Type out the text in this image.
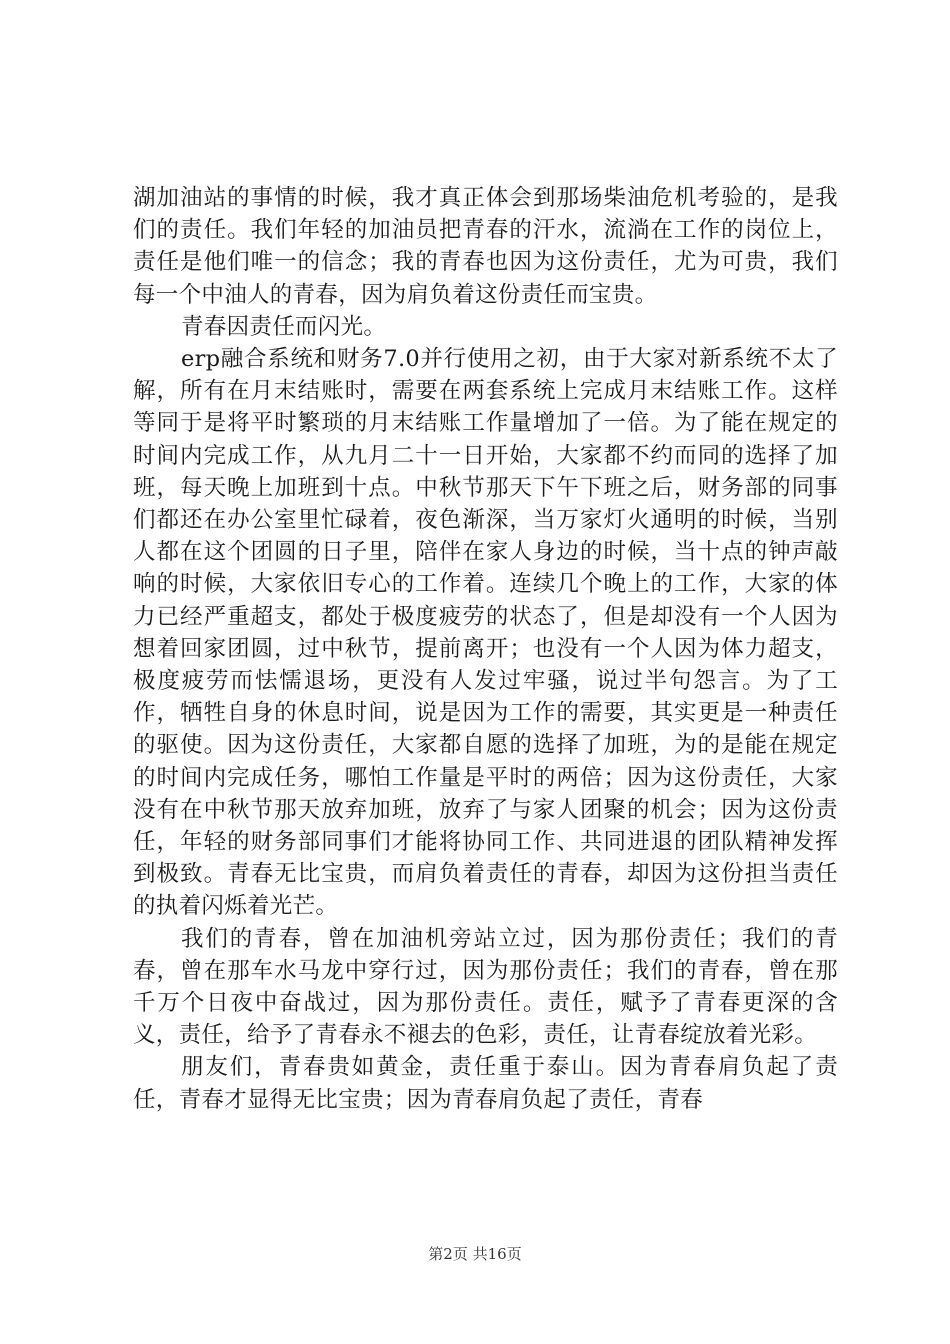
湖加油站的事情的时候，我才真正体会到那场柴油危机考验的，是我们的责任。我们年轻的加油员把青春的汗水，流淌在工作的岗位上，责任是他们唯一的信念；我的青春也因为这份责任，尤为可贵，我们每一个中油人的青春，因为肩负着这份责任而宝贵。

青春因责任而闪光。

erp融合系统和财务7.0并行使用之初，由于大家对新系统不太了解，所有在月末结账时，需要在两套系统上完成月末结账工作。这样等同于是将平时繁琐的月末结账工作量增加了一倍。为了能在规定的时间内完成工作，从九月二十一日开始，大家都不约而同的选择了加班，每天晚上加班到十点。中秋节那天下午下班之后，财务部的同事们都还在办公室里忙碌着，夜色渐深，当万家灯火通明的时候，当别人都在这个团圆的日子里，陪伴在家人身边的时候，当十点的钟声敲响的时候，大家依旧专心的工作着。连续几个晚上的工作，大家的体力已经严重超支，都处于极度疲劳的状态了，但是却没有一个人因为想着回家团圆，过中秋节，提前离开；也没有一个人因为体力超支，极度疲劳而怯懦退场，更没有人发过牢骚，说过半句怨言。为了工作，牺牲自身的休息时间，说是因为工作的需要，其实更是一种责任的驱使。因为这份责任，大家都自愿的选择了加班，为的是能在规定的时间内完成任务，哪怕工作量是平时的两倍；因为这份责任，大家没有在中秋节那天放弃加班，放弃了与家人团聚的机会；因为这份责任，年轻的财务部同事们才能将协同工作、共同进退的团队精神发挥到极致。青春无比宝贵，而肩负着责任的青春，却因为这份担当责任的执着闪烁着光芒。

我们的青春，曾在加油机旁站立过，因为那份责任；我们的青春，曾在那车水马龙中穿行过，因为那份责任；我们的青春，曾在那千万个日夜中奋战过，因为那份责任。责任，赋予了青春更深的含义，责任，给予了青春永不褪去的色彩，责任，让青春绽放着光彩。

朋友们，青春贵如黄金，责任重于泰山。因为青春肩负起了责任，青春才显得无比宝贵；因为青春肩负起了责任，青春

第2页 共16页
